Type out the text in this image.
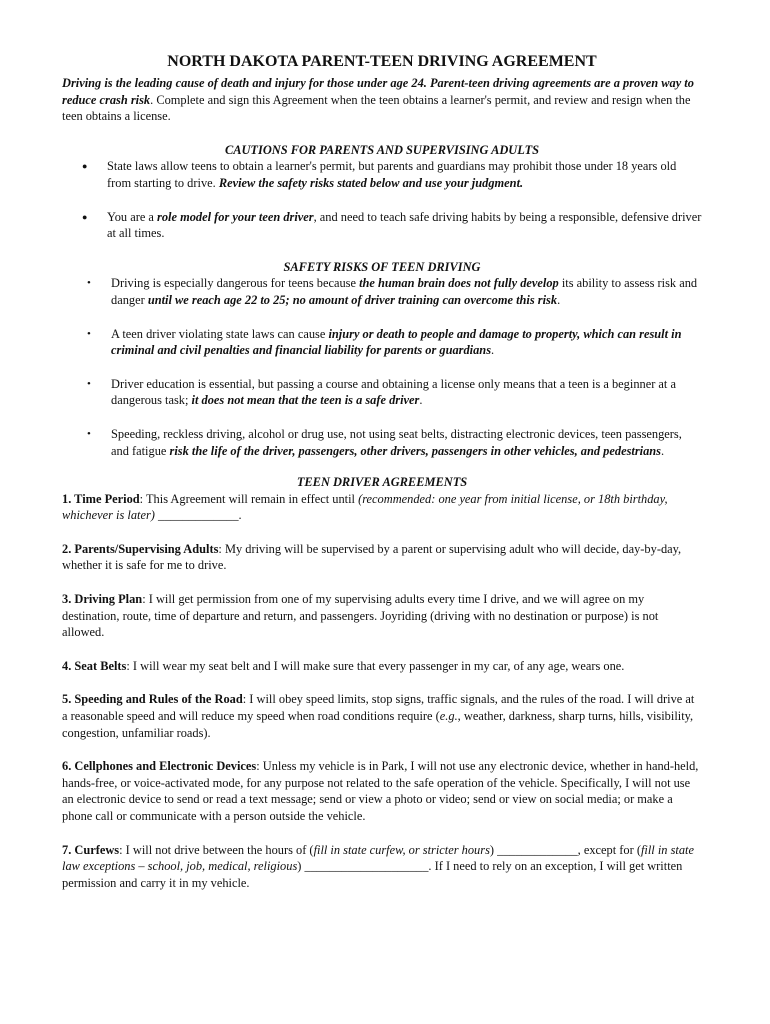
NORTH DAKOTA PARENT-TEEN DRIVING AGREEMENT

Driving is the leading cause of death and injury for those under age 24. Parent-teen driving agreements are a proven way to reduce crash risk. Complete and sign this Agreement when the teen obtains a learner's permit, and review and resign when the teen obtains a license.

CAUTIONS FOR PARENTS AND SUPERVISING ADULTS
● State laws allow teens to obtain a learner's permit, but parents and guardians may prohibit those under 18 years old from starting to drive. Review the safety risks stated below and use your judgment.
● You are a role model for your teen driver, and need to teach safe driving habits by being a responsible, defensive driver at all times.
SAFETY RISKS OF TEEN DRIVING
• Driving is especially dangerous for teens because the human brain does not fully develop its ability to assess risk and danger until we reach age 22 to 25; no amount of driver training can overcome this risk.
• A teen driver violating state laws can cause injury or death to people and damage to property, which can result in criminal and civil penalties and financial liability for parents or guardians.
• Driver education is essential, but passing a course and obtaining a license only means that a teen is a beginner at a dangerous task; it does not mean that the teen is a safe driver.
• Speeding, reckless driving, alcohol or drug use, not using seat belts, distracting electronic devices, teen passengers, and fatigue risk the life of the driver, passengers, other drivers, passengers in other vehicles, and pedestrians.
TEEN DRIVER AGREEMENTS

1. Time Period: This Agreement will remain in effect until (recommended: one year from initial license, or 18th birthday, whichever is later) _____________.

2. Parents/Supervising Adults: My driving will be supervised by a parent or supervising adult who will decide, day-by-day, whether it is safe for me to drive.

3. Driving Plan: I will get permission from one of my supervising adults every time I drive, and we will agree on my destination, route, time of departure and return, and passengers. Joyriding (driving with no destination or purpose) is not allowed.

4. Seat Belts: I will wear my seat belt and I will make sure that every passenger in my car, of any age, wears one.

5. Speeding and Rules of the Road: I will obey speed limits, stop signs, traffic signals, and the rules of the road. I will drive at a reasonable speed and will reduce my speed when road conditions require (e.g., weather, darkness, sharp turns, hills, visibility, congestion, unfamiliar roads).

6. Cellphones and Electronic Devices: Unless my vehicle is in Park, I will not use any electronic device, whether in hand-held, hands-free, or voice-activated mode, for any purpose not related to the safe operation of the vehicle. Specifically, I will not use an electronic device to send or read a text message; send or view a photo or video; send or view on social media; or make a phone call or communicate with a person outside the vehicle.

7. Curfews: I will not drive between the hours of (fill in state curfew, or stricter hours) _____________, except for (fill in state law exceptions – school, job, medical, religious) ____________________. If I need to rely on an exception, I will get written permission and carry it in my vehicle.
